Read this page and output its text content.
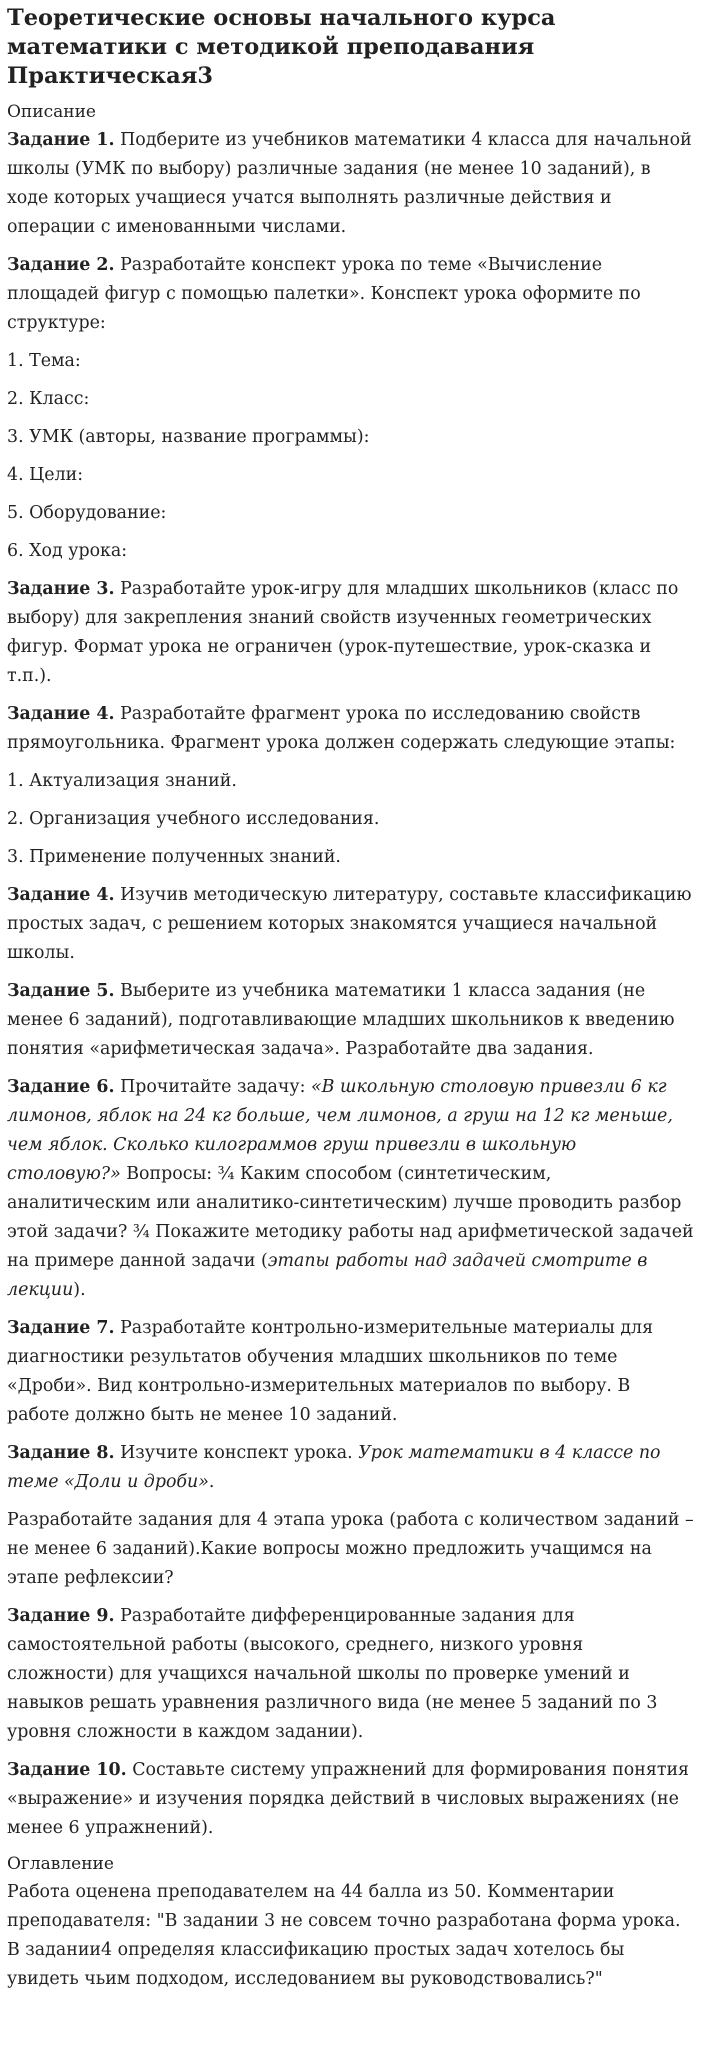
Теоретические основы начального курса математики с методикой преподавания Практическая3
Описание

Задание 1. Подберите из учебников математики 4 класса для начальной школы (УМК по выбору) различные задания (не менее 10 заданий), в ходе которых учащиеся учатся выполнять различные действия и операции с именованными числами.

Задание 2. Разработайте конспект урока по теме «Вычисление площадей фигур с помощью палетки». Конспект урока оформите по структуре:

1. Тема:

2. Класс:

3. УМК (авторы, название программы):

4. Цели:

5. Оборудование:

6. Ход урока:

Задание 3. Разработайте урок-игру для младших школьников (класс по выбору) для закрепления знаний свойств изученных геометрических фигур. Формат урока не ограничен (урок-путешествие, урок-сказка и т.п.).

Задание 4. Разработайте фрагмент урока по исследованию свойств прямоугольника. Фрагмент урока должен содержать следующие этапы:

1. Актуализация знаний.

2. Организация учебного исследования.

3. Применение полученных знаний.

Задание 4. Изучив методическую литературу, составьте классификацию простых задач, с решением которых знакомятся учащиеся начальной школы.

Задание 5. Выберите из учебника математики 1 класса задания (не менее 6 заданий), подготавливающие младших школьников к введению понятия «арифметическая задача». Разработайте два задания.

Задание 6. Прочитайте задачу: «В школьную столовую привезли 6 кг лимонов, яблок на 24 кг больше, чем лимонов, а груш на 12 кг меньше, чем яблок. Сколько килограммов груш привезли в школьную столовую?» Вопросы: ¾ Каким способом (синтетическим, аналитическим или аналитико-синтетическим) лучше проводить разбор этой задачи? ¾ Покажите методику работы над арифметической задачей на примере данной задачи (этапы работы над задачей смотрите в лекции).

Задание 7. Разработайте контрольно-измерительные материалы для диагностики результатов обучения младших школьников по теме «Дроби». Вид контрольно-измерительных материалов по выбору. В работе должно быть не менее 10 заданий.

Задание 8. Изучите конспект урока. Урок математики в 4 классе по теме «Доли и дроби».

Разработайте задания для 4 этапа урока (работа с количеством заданий – не менее 6 заданий).Какие вопросы можно предложить учащимся на этапе рефлексии?

Задание 9. Разработайте дифференцированные задания для самостоятельной работы (высокого, среднего, низкого уровня сложности) для учащихся начальной школы по проверке умений и навыков решать уравнения различного вида (не менее 5 заданий по 3 уровня сложности в каждом задании).

Задание 10. Составьте систему упражнений для формирования понятия «выражение» и изучения порядка действий в числовых выражениях (не менее 6 упражнений).

Оглавление

Работа оценена преподавателем на 44 балла из 50. Комментарии преподавателя: "В задании 3 не совсем точно разработана форма урока. В задании4 определяя классификацию простых задач хотелось бы увидеть чьим подходом, исследованием вы руководствовались?"
